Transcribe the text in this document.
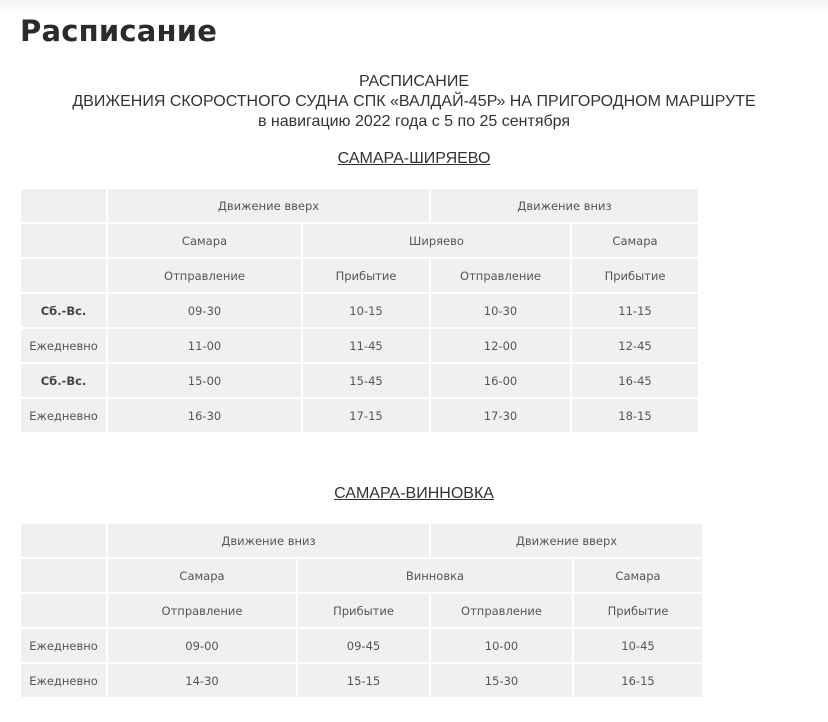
Расписание
РАСПИСАНИЕ
ДВИЖЕНИЯ СКОРОСТНОГО СУДНА СПК «ВАЛДАЙ-45Р» НА ПРИГОРОДНОМ МАРШРУТЕ
в навигацию 2022 года с 5 по 25 сентября
САМАРА-ШИРЯЕВО
	Движение вверх		Движение вниз	
	Самара	Ширяево		Самара
	Отправление	Прибытие	Отправление	Прибытие
Сб.-Вс.	09-30	10-15	10-30	11-15
Ежедневно	11-00	11-45	12-00	12-45
Сб.-Вс.	15-00	15-45	16-00	16-45
Ежедневно	16-30	17-15	17-30	18-15
САМАРА-ВИННОВКА
	Движение вниз		Движение вверх	
	Самара	Винновка		Самара
	Отправление	Прибытие	Отправление	Прибытие
Ежедневно	09-00	09-45	10-00	10-45
Ежедневно	14-30	15-15	15-30	16-15
